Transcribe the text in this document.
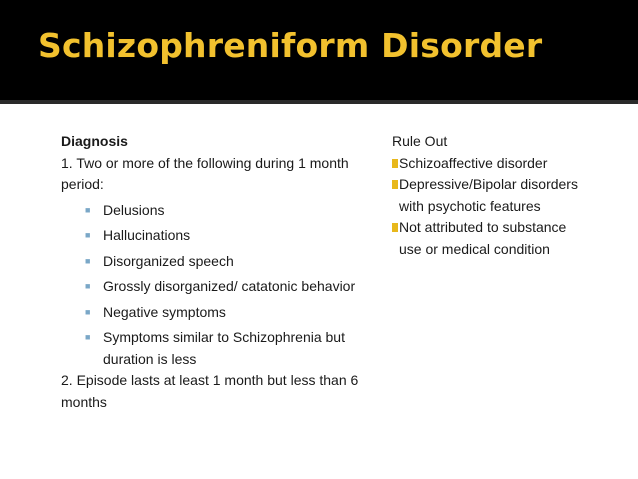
Schizophreniform Disorder
Diagnosis
1. Two or more of the following during 1 month period:
■ Delusions
■ Hallucinations
■ Disorganized speech
■ Grossly disorganized/ catatonic behavior
■ Negative symptoms
■ Symptoms similar to Schizophrenia but duration is less
2. Episode lasts at least 1 month but less than 6 months
Rule Out
Schizoaffective disorder
Depressive/Bipolar disorders with psychotic features
Not attributed to substance use or medical condition
